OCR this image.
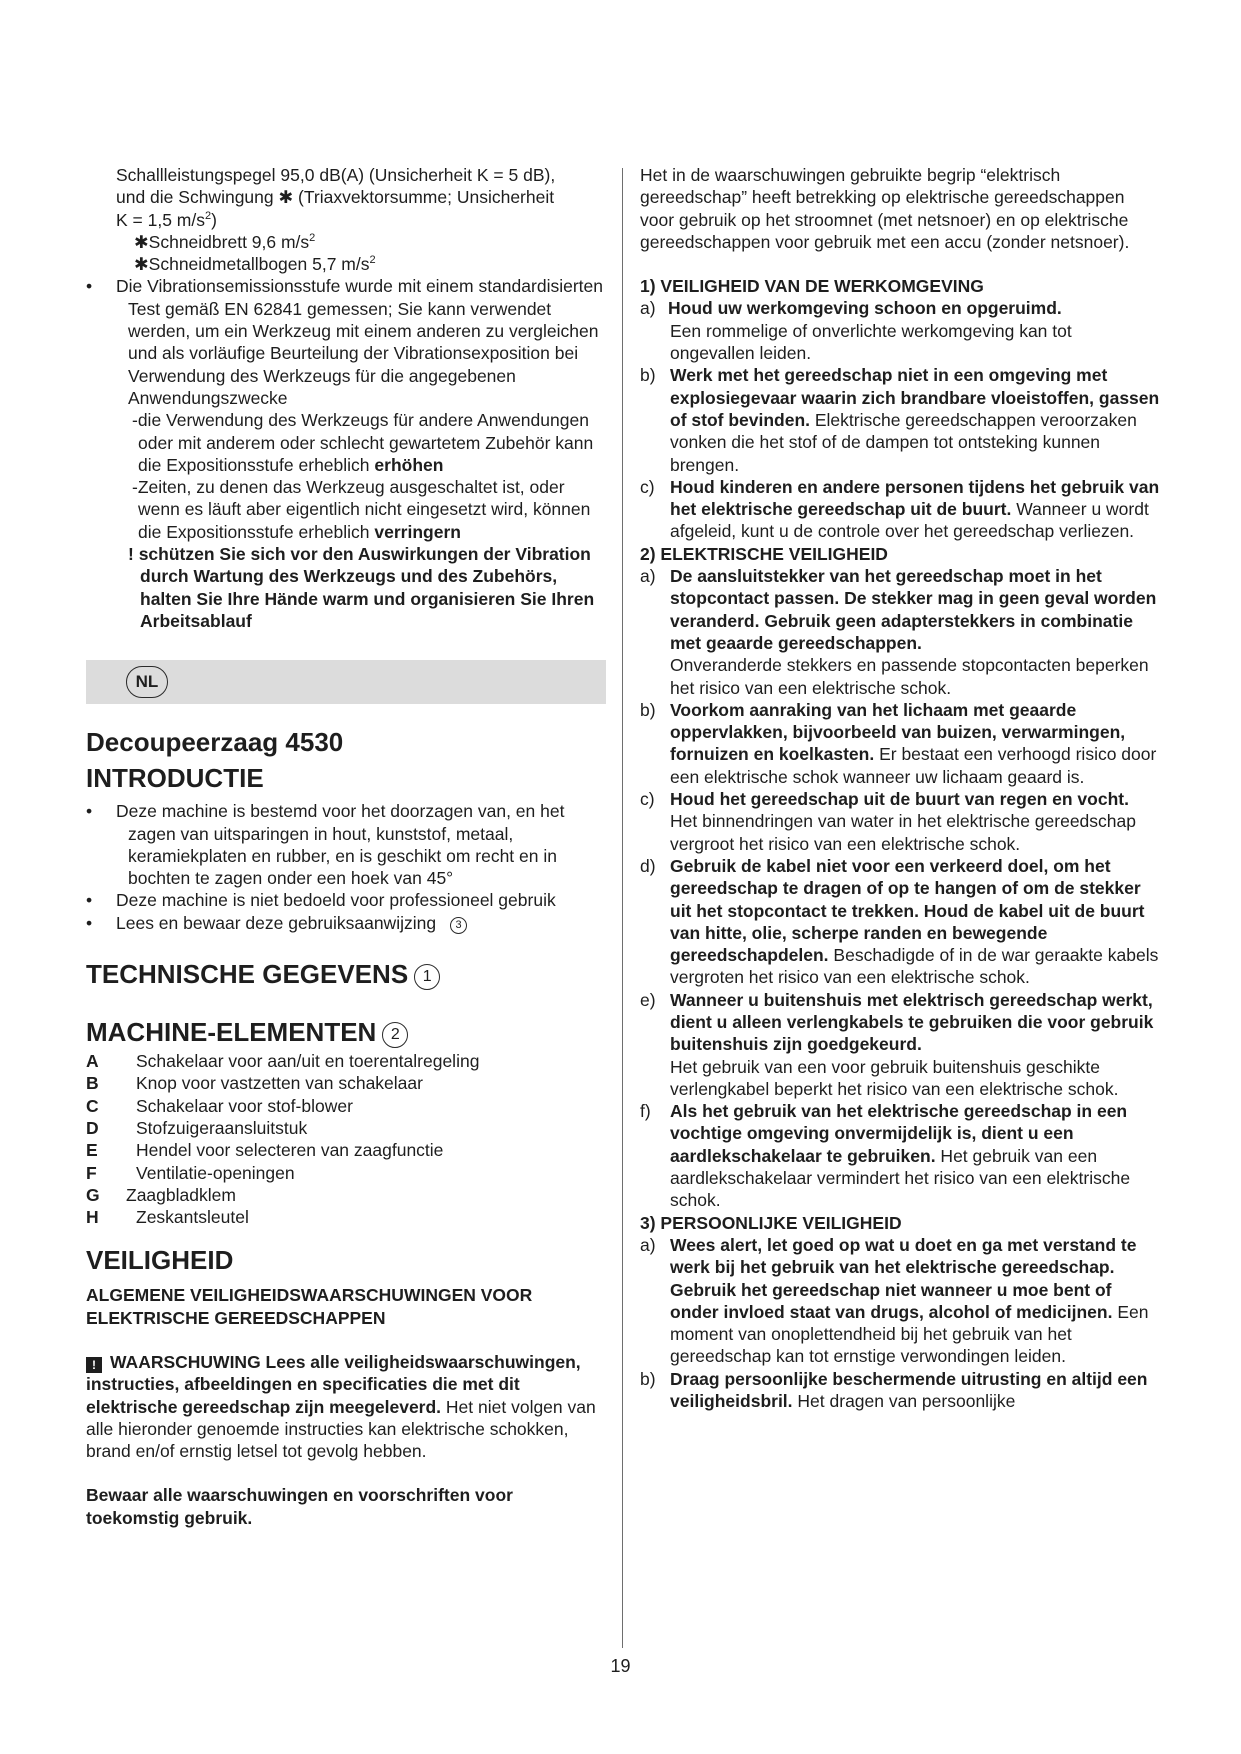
Schallleistungspegel 95,0 dB(A) (Unsicherheit K = 5 dB),

und die Schwingung ✱ (Triaxvektorsumme; Unsicherheit

K = 1,5 $m/s^2$)

✱Schneidbrett 9,6 $m/s^2$

✱Schneidmetallbogen 5,7 $m/s^2$

•	Die Vibrationsemissionsstufe wurde mit einem standardisierten Test gemäß EN 62841 gemessen; Sie kann verwendet werden, um ein Werkzeug mit einem anderen zu vergleichen und als vorläufige Beurteilung der Vibrationsexposition bei Verwendung des Werkzeugs für die angegebenen Anwendungszwecke

-die Verwendung des Werkzeugs für andere Anwendungen oder mit anderem oder schlecht gewartetem Zubehör kann die Expositionsstufe erheblich erhöhen

-Zeiten, zu denen das Werkzeug ausgeschaltet ist, oder wenn es läuft aber eigentlich nicht eingesetzt wird, können die Expositionsstufe erheblich verringern

! schützen Sie sich vor den Auswirkungen der Vibration durch Wartung des Werkzeugs und des Zubehörs, halten Sie Ihre Hände warm und organisieren Sie Ihren Arbeitsablauf

NL
Decoupeerzaag 4530
INTRODUCTIE
•	Deze machine is bestemd voor het doorzagen van, en het zagen van uitsparingen in hout, kunststof, metaal, keramiekplaten en rubber, en is geschikt om recht en in bochten te zagen onder een hoek van 45°
•	Deze machine is niet bedoeld voor professioneel gebruik
•	Lees en bewaar deze gebruiksaanwijzing 3
TECHNISCHE GEGEVENS 1
MACHINE-ELEMENTEN 2
A	Schakelaar voor aan/uit en toerentalregeling
B	Knop voor vastzetten van schakelaar
C	Schakelaar voor stof-blower
D	Stofzuigeraansluitstuk
E	Hendel voor selecteren van zaagfunctie
F	Ventilatie-openingen
G	Zaagbladklem
H	Zeskantsleutel
VEILIGHEID

ALGEMENE VEILIGHEIDSWAARSCHUWINGEN VOOR ELEKTRISCHE GEREEDSCHAPPEN

! WAARSCHUWING Lees alle veiligheidswaarschuwingen, instructies, afbeeldingen en specificaties die met dit elektrische gereedschap zijn meegeleverd. Het niet volgen van alle hieronder genoemde instructies kan elektrische schokken, brand en/of ernstig letsel tot gevolg hebben.

Bewaar alle waarschuwingen en voorschriften voor toekomstig gebruik.

Het in de waarschuwingen gebruikte begrip “elektrisch gereedschap” heeft betrekking op elektrische gereedschappen voor gebruik op het stroomnet (met netsnoer) en op elektrische gereedschappen voor gebruik met een accu (zonder netsnoer).

1) VEILIGHEID VAN DE WERKOMGEVING

a) Houd uw werkomgeving schoon en opgeruimd.
Een rommelige of onverlichte werkomgeving kan tot ongevallen leiden.
b) Werk met het gereedschap niet in een omgeving met explosiegevaar waarin zich brandbare vloeistoffen, gassen of stof bevinden. Elektrische gereedschappen veroorzaken vonken die het stof of de dampen tot ontsteking kunnen brengen.
c) Houd kinderen en andere personen tijdens het gebruik van het elektrische gereedschap uit de buurt. Wanneer u wordt afgeleid, kunt u de controle over het gereedschap verliezen.

2) ELEKTRISCHE VEILIGHEID

a) De aansluitstekker van het gereedschap moet in het stopcontact passen. De stekker mag in geen geval worden veranderd. Gebruik geen adapterstekkers in combinatie met geaarde gereedschappen.
Onveranderde stekkers en passende stopcontacten beperken het risico van een elektrische schok.
b) Voorkom aanraking van het lichaam met geaarde oppervlakken, bijvoorbeeld van buizen, verwarmingen, fornuizen en koelkasten. Er bestaat een verhoogd risico door een elektrische schok wanneer uw lichaam geaard is.
c) Houd het gereedschap uit de buurt van regen en vocht. Het binnendringen van water in het elektrische gereedschap vergroot het risico van een elektrische schok.
d) Gebruik de kabel niet voor een verkeerd doel, om het gereedschap te dragen of op te hangen of om de stekker uit het stopcontact te trekken. Houd de kabel uit de buurt van hitte, olie, scherpe randen en bewegende gereedschapdelen. Beschadigde of in de war geraakte kabels vergroten het risico van een elektrische schok.
e) Wanneer u buitenshuis met elektrisch gereedschap werkt, dient u alleen verlengkabels te gebruiken die voor gebruik buitenshuis zijn goedgekeurd.
Het gebruik van een voor gebruik buitenshuis geschikte verlengkabel beperkt het risico van een elektrische schok.
f) Als het gebruik van het elektrische gereedschap in een vochtige omgeving onvermijdelijk is, dient u een aardlekschakelaar te gebruiken. Het gebruik van een aardlekschakelaar vermindert het risico van een elektrische schok.

3) PERSOONLIJKE VEILIGHEID

a) Wees alert, let goed op wat u doet en ga met verstand te werk bij het gebruik van het elektrische gereedschap. Gebruik het gereedschap niet wanneer u moe bent of onder invloed staat van drugs, alcohol of medicijnen. Een moment van onoplettendheid bij het gebruik van het gereedschap kan tot ernstige verwondingen leiden.
b) Draag persoonlijke beschermende uitrusting en altijd een veiligheidsbril. Het dragen van persoonlijke
19
